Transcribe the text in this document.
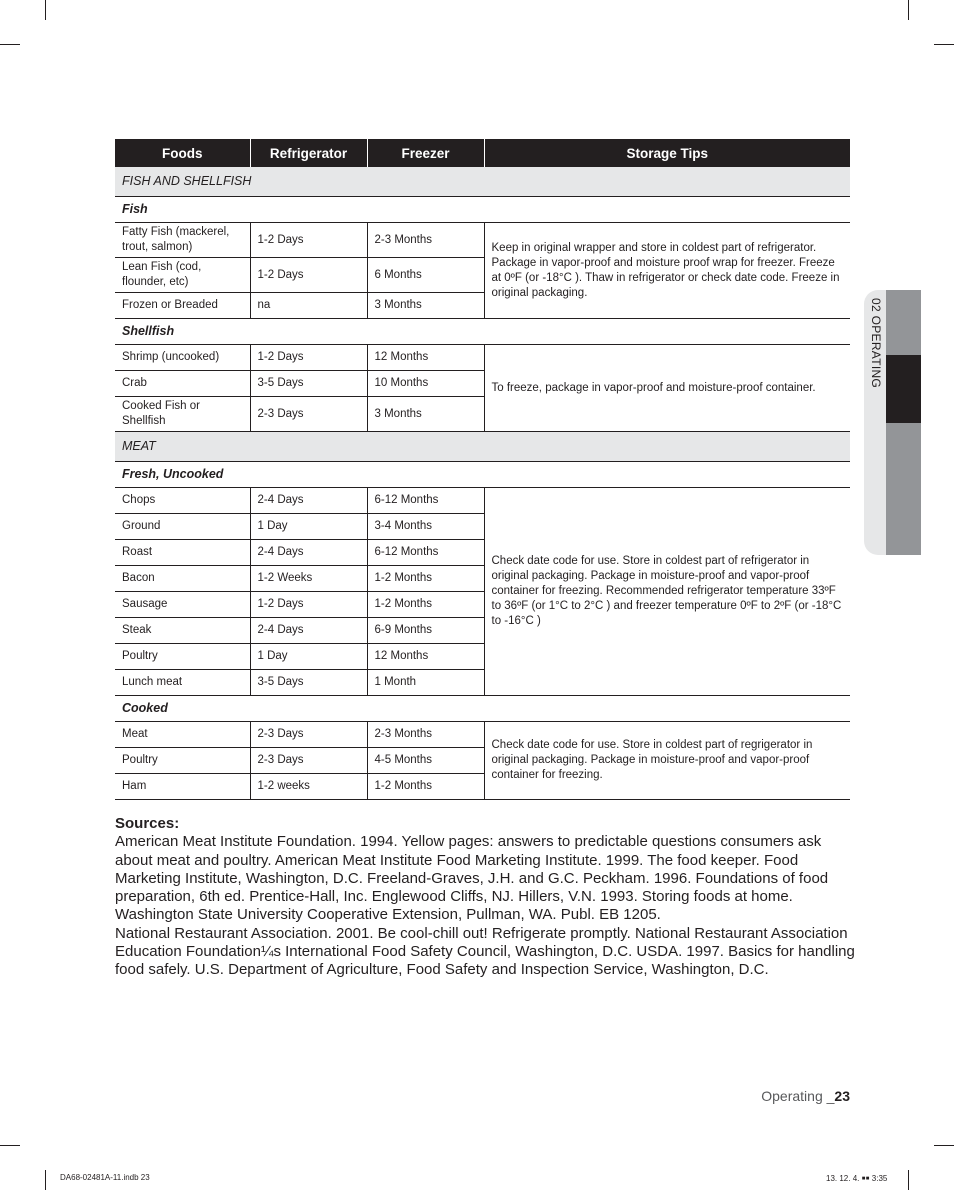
Foods	Refrigerator	Freezer	Storage Tips
FISH AND SHELLFISH			
Fish			
Fatty Fish (mackerel, trout, salmon)	1-2 Days	2-3 Months	Keep in original wrapper and store in coldest part of refrigerator. Package in vapor-proof and moisture proof wrap for freezer. Freeze at 0ºF (or -18°C ). Thaw in refrigerator or check date code. Freeze in original packaging.
Lean Fish (cod, flounder, etc)	1-2 Days	6 Months	
Frozen or Breaded	na	3 Months	
Shellfish			
Shrimp (uncooked)	1-2 Days	12 Months	To freeze, package in vapor-proof and moisture-proof container.
Crab	3-5 Days	10 Months	
Cooked Fish or Shellfish	2-3 Days	3 Months	
MEAT			
Fresh, Uncooked			
Chops	2-4 Days	6-12 Months	Check date code for use. Store in coldest part of refrigerator in original packaging. Package in moisture-proof and vapor-proof container for freezing. Recommended refrigerator temperature 33ºF to 36ºF (or 1°C to 2°C ) and freezer temperature 0ºF to 2ºF (or -18°C to -16°C )
Ground	1 Day	3-4 Months	
Roast	2-4 Days	6-12 Months	
Bacon	1-2 Weeks	1-2 Months	
Sausage	1-2 Days	1-2 Months	
Steak	2-4 Days	6-9 Months	
Poultry	1 Day	12 Months	
Lunch meat	3-5 Days	1 Month	
Cooked			
Meat	2-3 Days	2-3 Months	Check date code for use. Store in coldest part of regrigerator in original packaging. Package in moisture-proof and vapor-proof container for freezing.
Poultry	2-3 Days	4-5 Months	
Ham	1-2 weeks	1-2 Months	

Sources:

American Meat Institute Foundation. 1994. Yellow pages: answers to predictable questions consumers ask about meat and poultry. American Meat Institute Food Marketing Institute. 1999. The food keeper. Food Marketing Institute, Washington, D.C. Freeland-Graves, J.H. and G.C. Peckham. 1996. Foundations of food preparation, 6th ed. Prentice-Hall, Inc. Englewood Cliffs, NJ. Hillers, V.N. 1993. Storing foods at home. Washington State University Cooperative Extension, Pullman, WA. Publ. EB 1205.

National Restaurant Association. 2001. Be cool-chill out! Refrigerate promptly. National Restaurant Association Education Foundation¼s International Food Safety Council, Washington, D.C. USDA. 1997. Basics for handling food safely. U.S. Department of Agriculture, Food Safety and Inspection Service, Washington, D.C.

02 OPERATING
Operating _23
DA68-02481A-11.indb 23	13. 12. 4. ￭￭ 3:35
